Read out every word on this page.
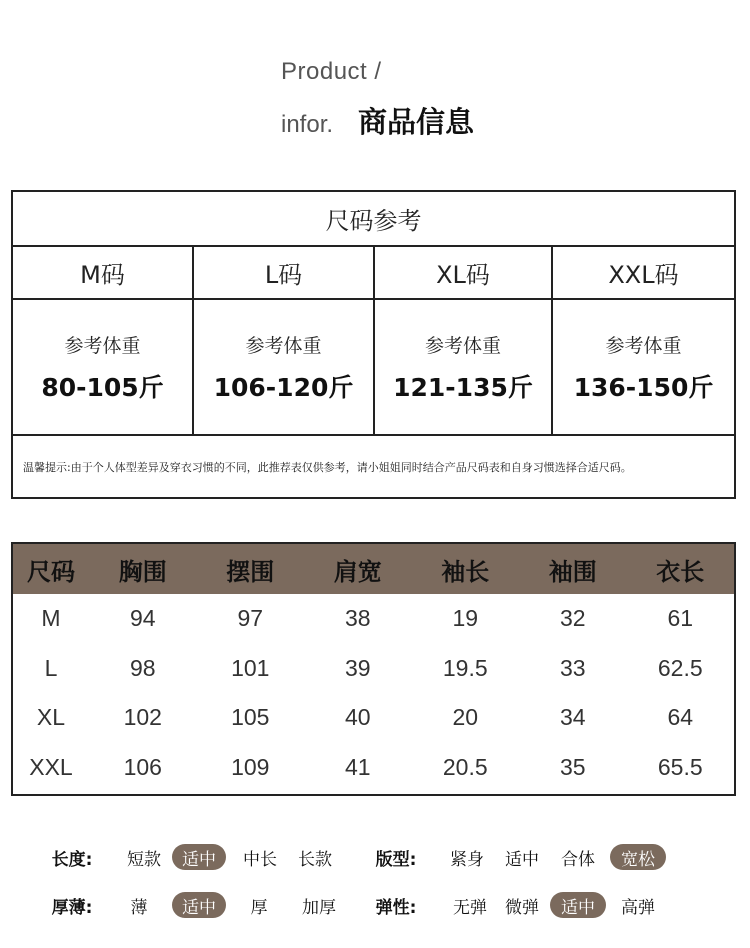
Product /
infor. 商品信息
尺码参考
M码	L码	XL码	XXL码
参考体重
80-105斤
参考体重
106-120斤
参考体重
121-135斤
参考体重
136-150斤
温馨提示:由于个人体型差异及穿衣习惯的不同，此推荐表仅供参考，请小姐姐同时结合产品尺码表和自身习惯选择合适尺码。
尺码	胸围	摆围	肩宽	袖长	袖围	衣长
M	94	97	38	19	32	61
L	98	101	39	19.5	33	62.5
XL	102	105	40	20	34	64
XXL	106	109	41	20.5	35	65.5
长度: 短款	适中	中长 长款	版型: 紧身 适中 合体	宽松
厚薄:	薄	适中	厚	加厚 弹性: 无弹 微弹	适中	高弹
